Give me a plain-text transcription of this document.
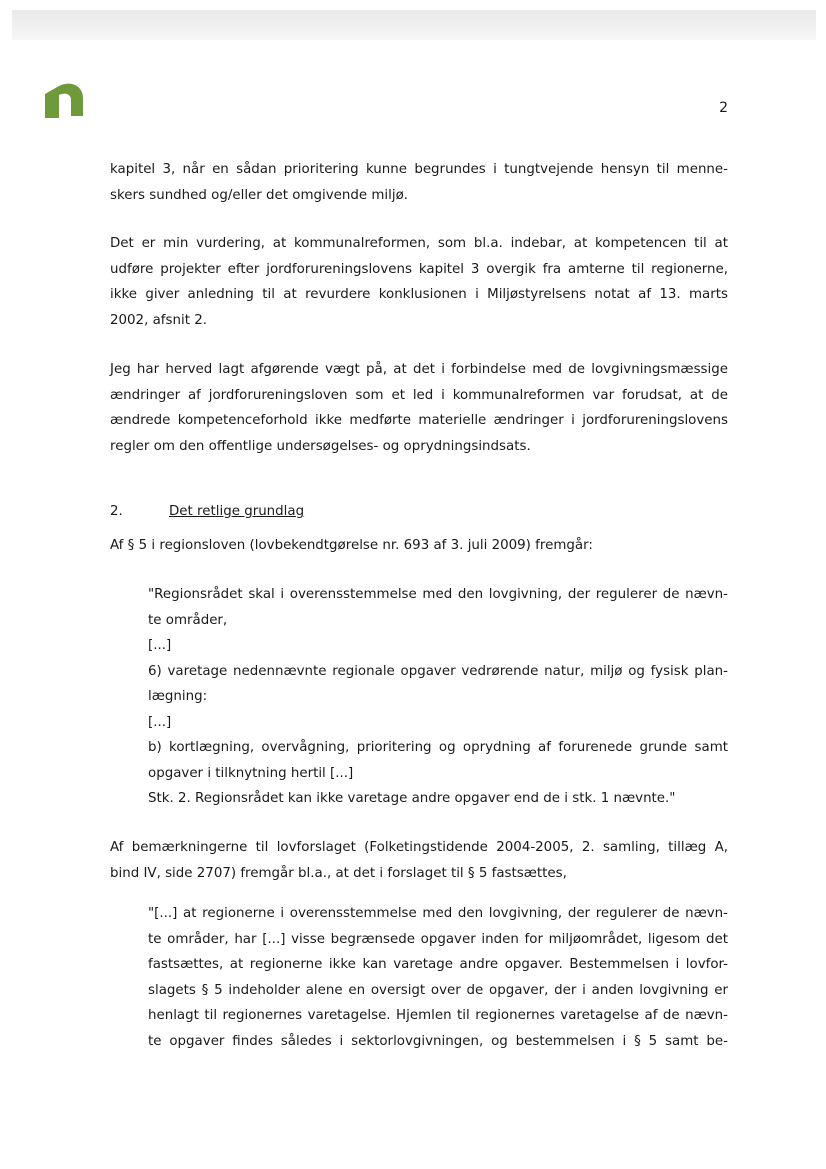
2
kapitel 3, når en sådan prioritering kunne begrundes i tungtvejende hensyn til menne-
skers sundhed og/eller det omgivende miljø.
Det er min vurdering, at kommunalreformen, som bl.a. indebar, at kompetencen til at
udføre projekter efter jordforureningslovens kapitel 3 overgik fra amterne til regionerne,
ikke giver anledning til at revurdere konklusionen i Miljøstyrelsens notat af 13. marts
2002, afsnit 2.
Jeg har herved lagt afgørende vægt på, at det i forbindelse med de lovgivningsmæssige
ændringer af jordforureningsloven som et led i kommunalreformen var forudsat, at de
ændrede kompetenceforhold ikke medførte materielle ændringer i jordforureningslovens
regler om den offentlige undersøgelses- og oprydningsindsats.
2.	Det retlige grundlag
Af § 5 i regionsloven (lovbekendtgørelse nr. 693 af 3. juli 2009) fremgår:
"Regionsrådet skal i overensstemmelse med den lovgivning, der regulerer de nævn-
te områder,
[...]
6) varetage nedennævnte regionale opgaver vedrørende natur, miljø og fysisk plan-
lægning:
[...]
b) kortlægning, overvågning, prioritering og oprydning af forurenede grunde samt
opgaver i tilknytning hertil [...]
Stk. 2. Regionsrådet kan ikke varetage andre opgaver end de i stk. 1 nævnte."
Af bemærkningerne til lovforslaget (Folketingstidende 2004-2005, 2. samling, tillæg A,
bind IV, side 2707) fremgår bl.a., at det i forslaget til § 5 fastsættes,
"[...] at regionerne i overensstemmelse med den lovgivning, der regulerer de nævn-
te områder, har [...] visse begrænsede opgaver inden for miljøområdet, ligesom det
fastsættes, at regionerne ikke kan varetage andre opgaver. Bestemmelsen i lovfor-
slagets § 5 indeholder alene en oversigt over de opgaver, der i anden lovgivning er
henlagt til regionernes varetagelse. Hjemlen til regionernes varetagelse af de nævn-
te opgaver findes således i sektorlovgivningen, og bestemmelsen i § 5 samt be-
